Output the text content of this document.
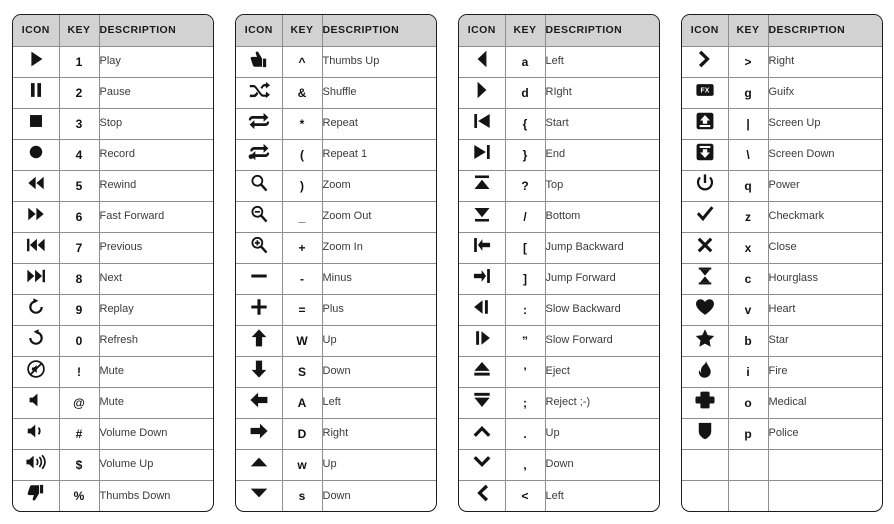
ICON	KEY	DESCRIPTION

	1	Play

	2	Pause

	3	Stop

	4	Record

	5	Rewind

	6	Fast Forward

	7	Previous

	8	Next

	9	Replay

	0	Refresh

	!	Mute

	@	Mute

	#	Volume Down

	$	Volume Up

	%	Thumbs Down
ICON	KEY	DESCRIPTION

	^	Thumbs Up

	&	Shuffle

	*	Repeat

	(	Repeat 1

	)	Zoom

	_	Zoom Out

	+	Zoom In

	-	Minus

	=	Plus

	W	Up

	S	Down

	A	Left

	D	Right

	w	Up

	s	Down
ICON	KEY	DESCRIPTION

	a	Left

	d	RIght

	{	Start

	}	End

	?	Top

	/	Bottom

	[	Jump Backward

	]	Jump Forward

	:	Slow Backward

	”	Slow Forward

	’	Eject

	;	Reject ;-)

	.	Up

	,	Down

	<	Left
ICON	KEY	DESCRIPTION

	>	Right

FX	g	Guifx

	|	Screen Up

	\	Screen Down

	q	Power

	z	Checkmark

	x	Close

	c	Hourglass

	v	Heart

	b	Star

	i	Fire

	o	Medical

	p	Police
